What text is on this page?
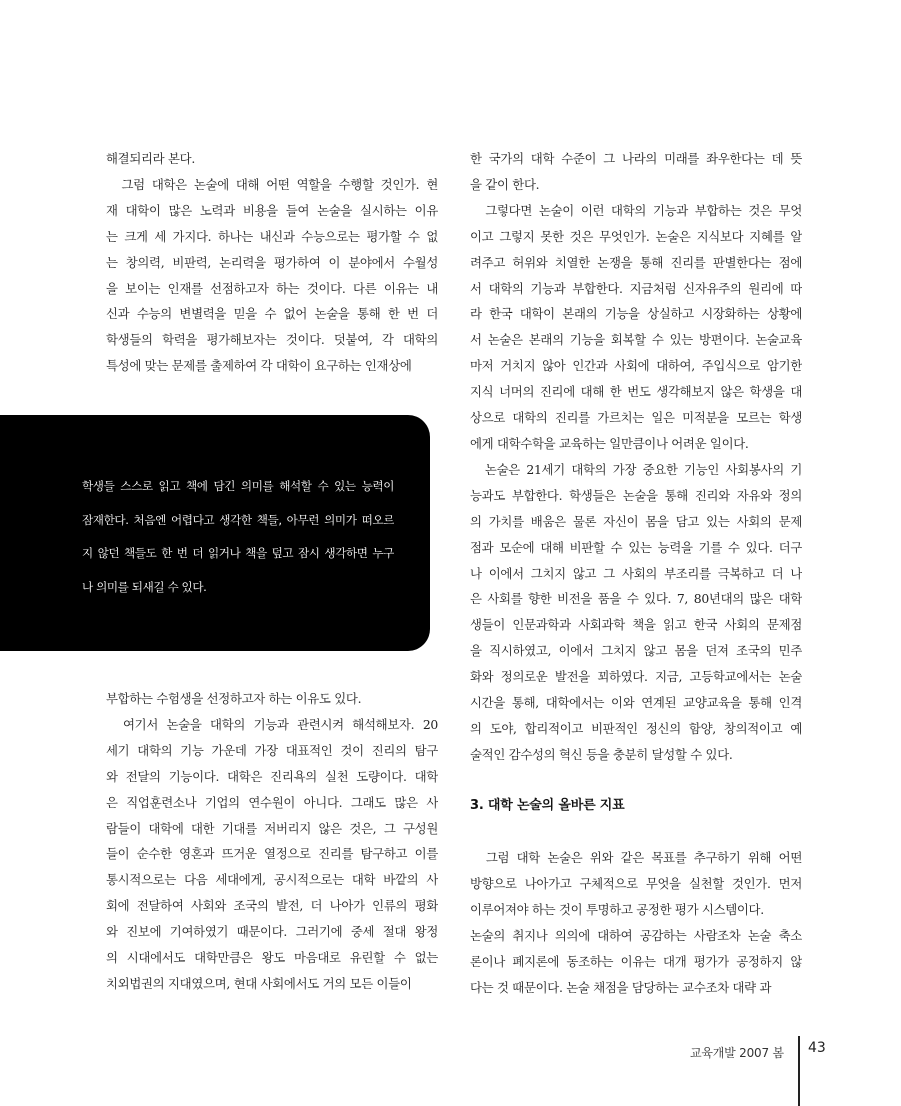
해결되리라 본다.

　그럼 대학은 논술에 대해 어떤 역할을 수행할 것인가. 현

재 대학이 많은 노력과 비용을 들여 논술을 실시하는 이유

는 크게 세 가지다. 하나는 내신과 수능으로는 평가할 수 없

는 창의력, 비판력, 논리력을 평가하여 이 분야에서 수월성

을 보이는 인재를 선점하고자 하는 것이다. 다른 이유는 내

신과 수능의 변별력을 믿을 수 없어 논술을 통해 한 번 더

학생들의 학력을 평가해보자는 것이다. 덧붙여, 각 대학의

특성에 맞는 문제를 출제하여 각 대학이 요구하는 인재상에

학생들 스스로 읽고 책에 담긴 의미를 해석할 수 있는 능력이

잠재한다. 처음엔 어렵다고 생각한 책들, 아무런 의미가 떠오르

지 않던 책들도 한 번 더 읽거나 책을 덮고 잠시 생각하면 누구

나 의미를 되새길 수 있다.

부합하는 수험생을 선정하고자 하는 이유도 있다.

　여기서 논술을 대학의 기능과 관련시켜 해석해보자. 20

세기 대학의 기능 가운데 가장 대표적인 것이 진리의 탐구

와 전달의 기능이다. 대학은 진리욕의 실천 도량이다. 대학

은 직업훈련소나 기업의 연수원이 아니다. 그래도 많은 사

람들이 대학에 대한 기대를 저버리지 않은 것은, 그 구성원

들이 순수한 영혼과 뜨거운 열정으로 진리를 탐구하고 이를

통시적으로는 다음 세대에게, 공시적으로는 대학 바깥의 사

회에 전달하여 사회와 조국의 발전, 더 나아가 인류의 평화

와 진보에 기여하였기 때문이다. 그러기에 중세 절대 왕정

의 시대에서도 대학만큼은 왕도 마음대로 유린할 수 없는

치외법권의 지대였으며, 현대 사회에서도 거의 모든 이들이

한 국가의 대학 수준이 그 나라의 미래를 좌우한다는 데 뜻

을 같이 한다.

　그렇다면 논술이 이런 대학의 기능과 부합하는 것은 무엇

이고 그렇지 못한 것은 무엇인가. 논술은 지식보다 지혜를 알

려주고 허위와 치열한 논쟁을 통해 진리를 판별한다는 점에

서 대학의 기능과 부합한다. 지금처럼 신자유주의 원리에 따

라 한국 대학이 본래의 기능을 상실하고 시장화하는 상황에

서 논술은 본래의 기능을 회복할 수 있는 방편이다. 논술교육

마저 거치지 않아 인간과 사회에 대하여, 주입식으로 암기한

지식 너머의 진리에 대해 한 번도 생각해보지 않은 학생을 대

상으로 대학의 진리를 가르치는 일은 미적분을 모르는 학생

에게 대학수학을 교육하는 일만큼이나 어려운 일이다.

　논술은 21세기 대학의 가장 중요한 기능인 사회봉사의 기

능과도 부합한다. 학생들은 논술을 통해 진리와 자유와 정의

의 가치를 배움은 물론 자신이 몸을 담고 있는 사회의 문제

점과 모순에 대해 비판할 수 있는 능력을 기를 수 있다. 더구

나 이에서 그치지 않고 그 사회의 부조리를 극복하고 더 나

은 사회를 향한 비전을 품을 수 있다. 7, 80년대의 많은 대학

생들이 인문과학과 사회과학 책을 읽고 한국 사회의 문제점

을 직시하였고, 이에서 그치지 않고 몸을 던져 조국의 민주

화와 정의로운 발전을 꾀하였다. 지금, 고등학교에서는 논술

시간을 통해, 대학에서는 이와 연계된 교양교육을 통해 인격

의 도야, 합리적이고 비판적인 정신의 함양, 창의적이고 예

술적인 감수성의 혁신 등을 충분히 달성할 수 있다.

3. 대학 논술의 올바른 지표

　그럼 대학 논술은 위와 같은 목표를 추구하기 위해 어떤

방향으로 나아가고 구체적으로 무엇을 실천할 것인가. 먼저

이루어져야 하는 것이 투명하고 공정한 평가 시스템이다.

논술의 취지나 의의에 대하여 공감하는 사람조차 논술 축소

론이나 폐지론에 동조하는 이유는 대개 평가가 공정하지 않

다는 것 때문이다. 논술 채점을 담당하는 교수조차 대략 과

교육개발 2007 봄 43
